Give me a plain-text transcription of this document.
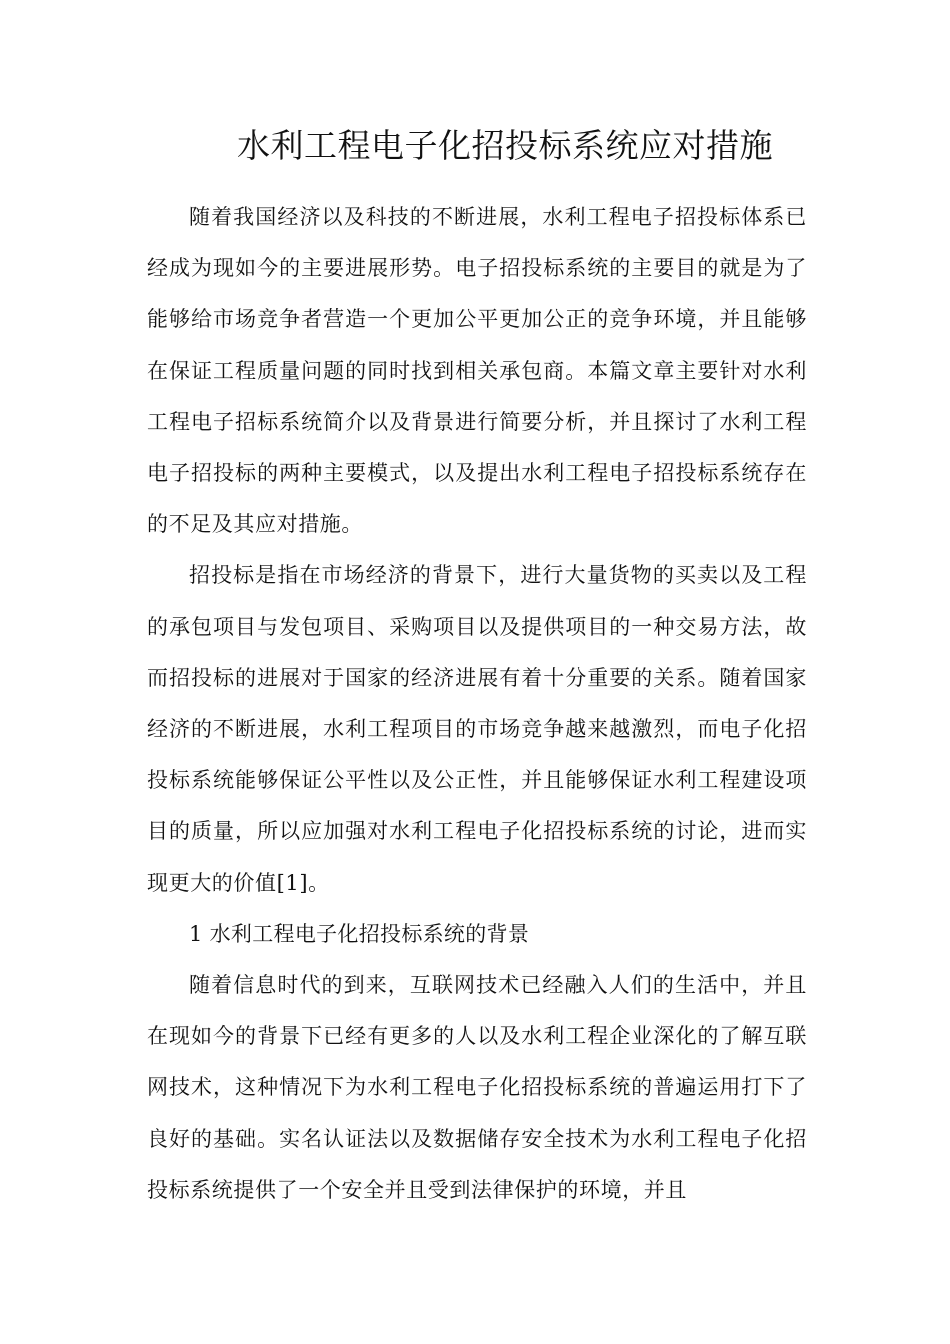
水利工程电子化招投标系统应对措施

随着我国经济以及科技的不断进展，水利工程电子招投标体系已经成为现如今的主要进展形势。电子招投标系统的主要目的就是为了能够给市场竞争者营造一个更加公平更加公正的竞争环境，并且能够在保证工程质量问题的同时找到相关承包商。本篇文章主要针对水利工程电子招标系统简介以及背景进行简要分析，并且探讨了水利工程电子招投标的两种主要模式，以及提出水利工程电子招投标系统存在的不足及其应对措施。

招投标是指在市场经济的背景下，进行大量货物的买卖以及工程的承包项目与发包项目、采购项目以及提供项目的一种交易方法，故而招投标的进展对于国家的经济进展有着十分重要的关系。随着国家经济的不断进展，水利工程项目的市场竞争越来越激烈，而电子化招投标系统能够保证公平性以及公正性，并且能够保证水利工程建设项目的质量，所以应加强对水利工程电子化招投标系统的讨论，进而实现更大的价值[1]。

1 水利工程电子化招投标系统的背景

随着信息时代的到来，互联网技术已经融入人们的生活中，并且在现如今的背景下已经有更多的人以及水利工程企业深化的了解互联网技术，这种情况下为水利工程电子化招投标系统的普遍运用打下了良好的基础。实名认证法以及数据储存安全技术为水利工程电子化招投标系统提供了一个安全并且受到法律保护的环境，并且
